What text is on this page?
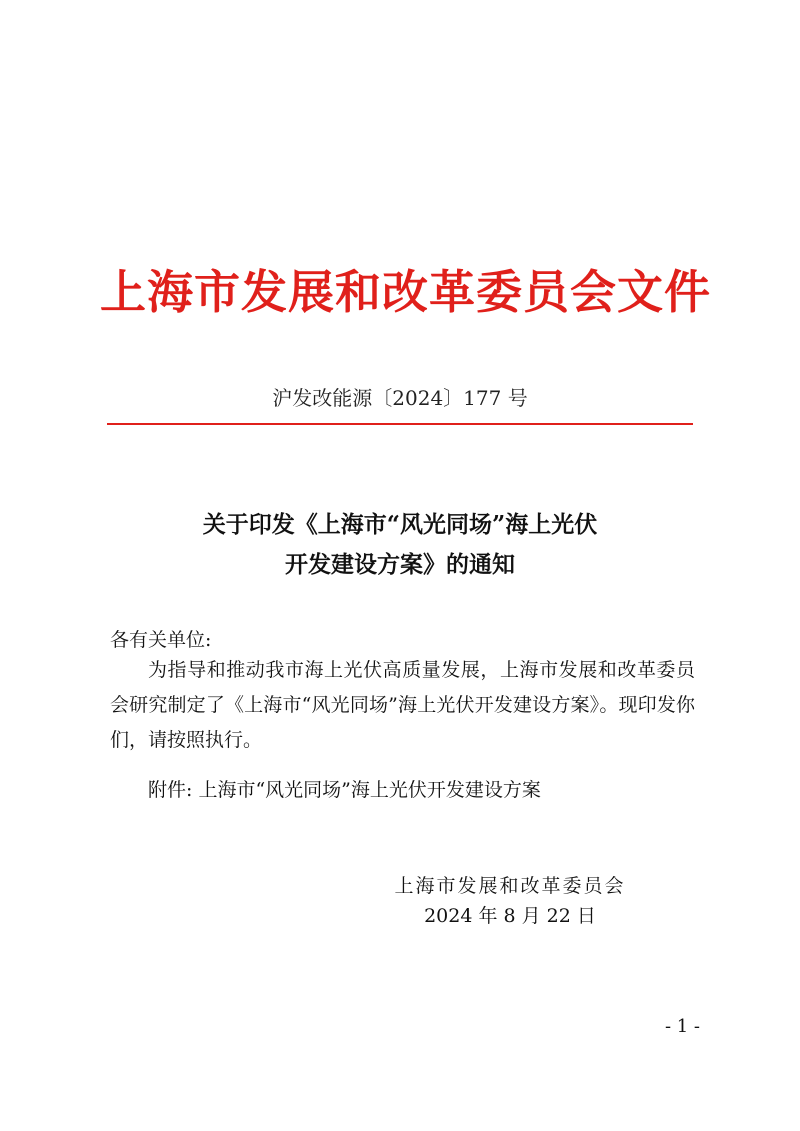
上海市发展和改革委员会文件
沪发改能源〔2024〕177 号
关于印发《上海市“风光同场”海上光伏
开发建设方案》的通知
各有关单位:

为指导和推动我市海上光伏高质量发展，上海市发展和改革委员会研究制定了《上海市“风光同场”海上光伏开发建设方案》。现印发你们，请按照执行。

附件: 上海市“风光同场”海上光伏开发建设方案
上海市发展和改革委员会
2024 年 8 月 22 日
- 1 -
